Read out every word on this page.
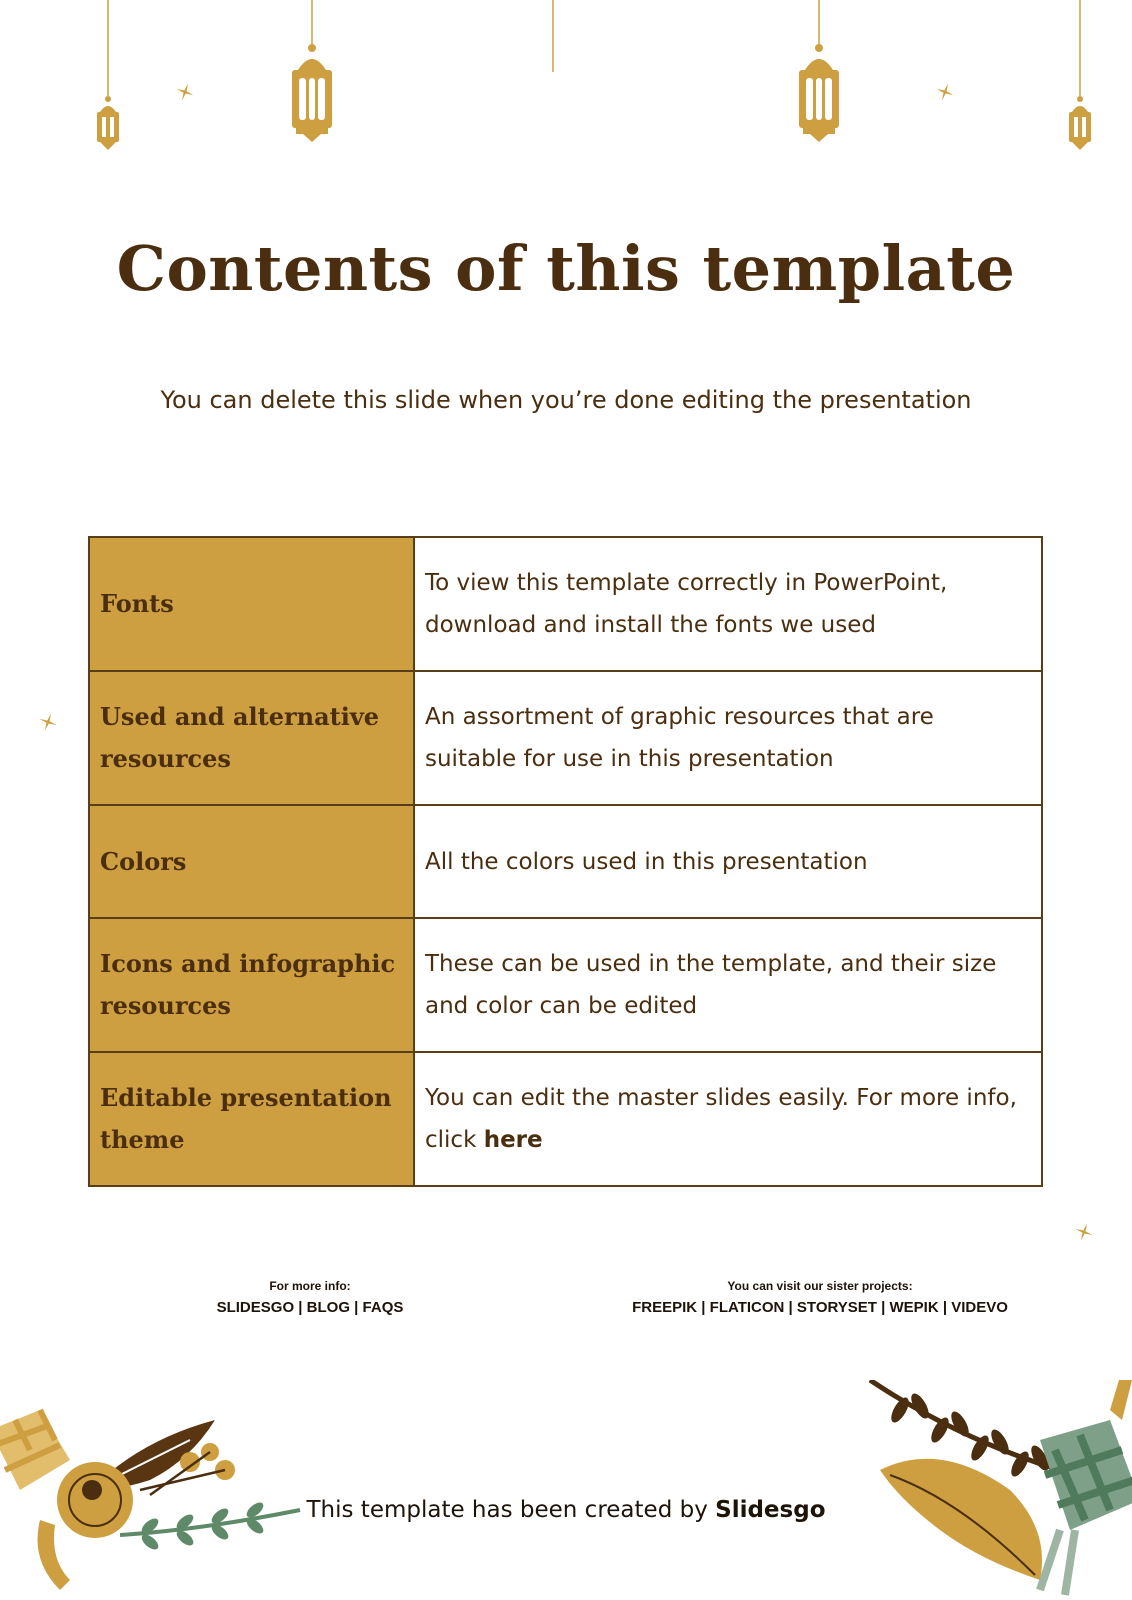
Contents of this template
You can delete this slide when you’re done editing the presentation
Fonts	To view this template correctly in PowerPoint, download and install the fonts we used
Used and alternative resources	An assortment of graphic resources that are suitable for use in this presentation
Colors	All the colors used in this presentation
Icons and infographic resources	These can be used in the template, and their size and color can be edited
Editable presentation theme	You can edit the master slides easily. For more info, click here
For more info:
SLIDESGO | BLOG | FAQS
You can visit our sister projects:
FREEPIK | FLATICON | STORYSET | WEPIK | VIDEVO
This template has been created by Slidesgo
